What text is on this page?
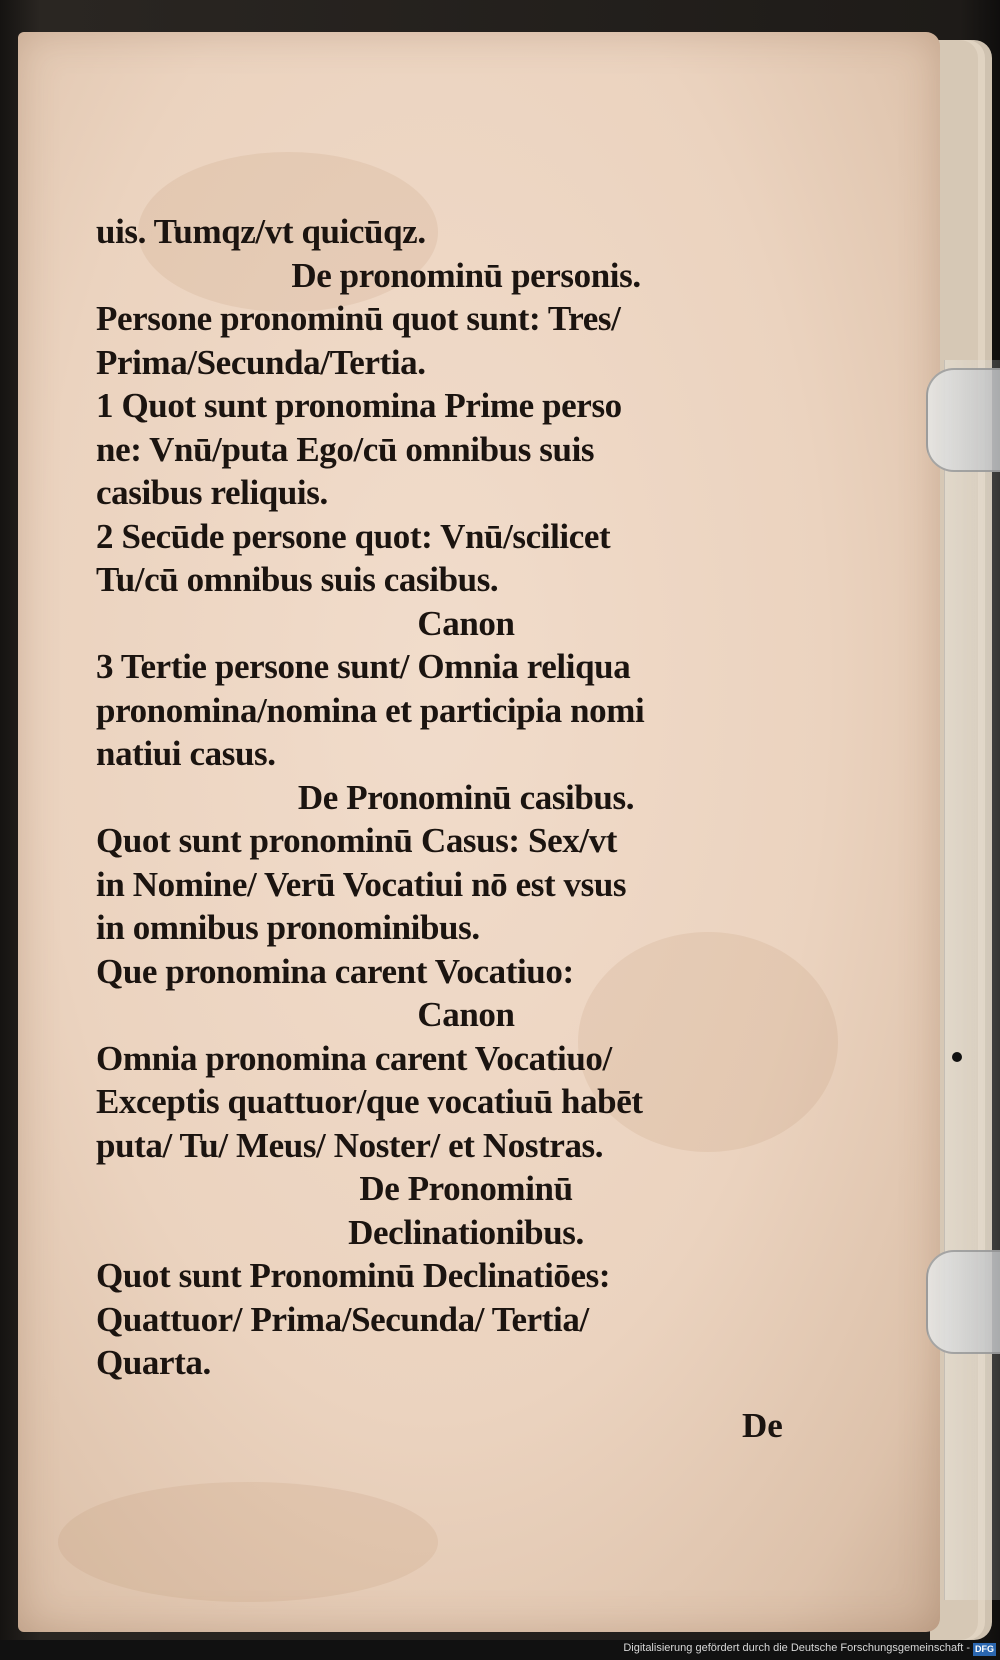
uis. Tumqz/vt quicūqz.
De pronominū personis.
Persone pronominū quot sunt: Tres/
Prima/Secunda/Tertia.
1 Quot sunt pronomina Prime perso
ne: Vnū/puta Ego/cū omnibus suis
casibus reliquis.
2 Secūde persone quot: Vnū/scilicet
Tu/cū omnibus suis casibus.
Canon
3 Tertie persone sunt/ Omnia reliqua
pronomina/nomina et participia nomi
natiui casus.
De Pronominū casibus.
Quot sunt pronominū Casus: Sex/vt
in Nomine/ Verū Vocatiui nō est vsus
in omnibus pronominibus.
Que pronomina carent Vocatiuo:
Canon
Omnia pronomina carent Vocatiuo/
Exceptis quattuor/que vocatiuū habēt
puta/ Tu/ Meus/ Noster/ et Nostras.
De Pronominū
Declinationibus.
Quot sunt Pronominū Declinatiōes:
Quattuor/ Prima/Secunda/ Tertia/
Quarta.
De
Digitalisierung gefördert durch die Deutsche Forschungsgemeinschaft - DFG
